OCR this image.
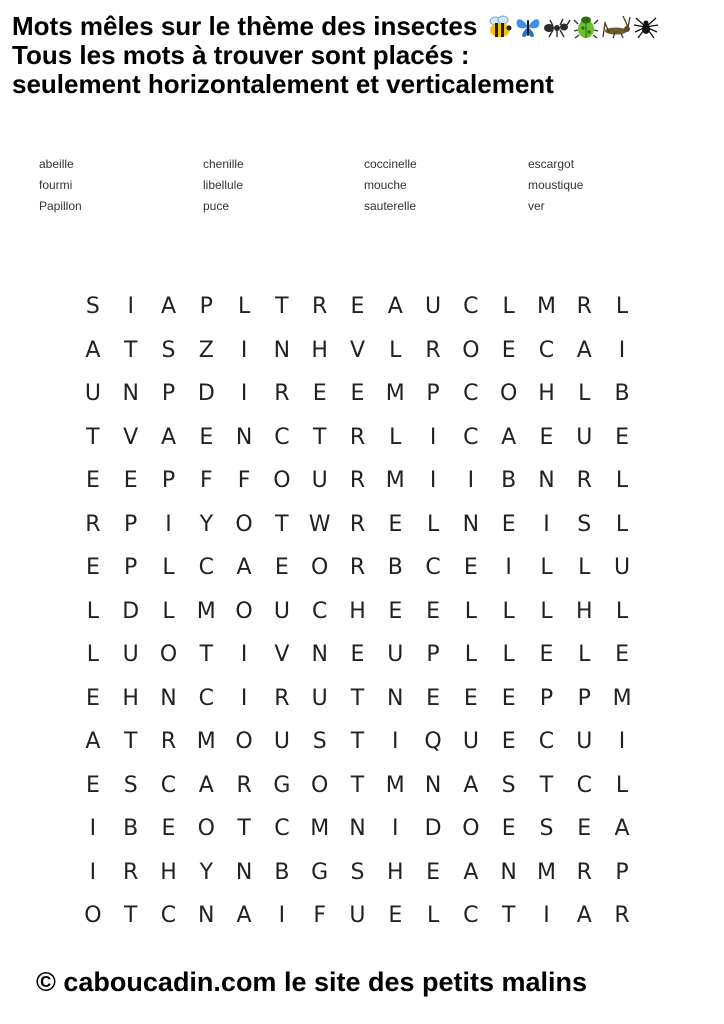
Mots mêles sur le thème des insectes
Tous les mots à trouver sont placés :
seulement horizontalement et verticalement
abeille	chenille	coccinelle	escargot
fourmi	libellule	mouche	moustique
Papillon	puce	sauterelle	ver
S	I	A	P	L	T	R	E	A	U	C	L	M R	L
A	T	S	Z	I	N H V	L	R O	E	C	A	I
U N	P	D	I	R	E	E M P	C O H	L	B
T	V	A	E	N C	T	R	L	I	C	A	E	U	E
E	E	P	F	F	O U	R M	I	I	B	N R	L
R	P	I	Y	O	T W R	E	L	N	E	I	S	L
E	P	L	C	A	E	O R	B	C	E	I	L	L	U
L	D	L	M O U	C H	E	E	L	L	L	H	L
L	U O	T	I	V	N	E	U	P	L	L	E	L	E
E	H N C	I	R	U	T	N	E	E	E	P	P M
A	T	R M O U	S	T	I	Q U	E	C	U	I
E	S	C	A	R G O	T M N	A	S	T	C	L
I	B	E	O	T	C M N	I	D O	E	S	E	A
I	R H	Y	N	B G	S	H	E	A	N M R	P
O	T	C N	A	I	F	U	E	L	C	T	I	A	R
© caboucadin.com le site des petits malins
